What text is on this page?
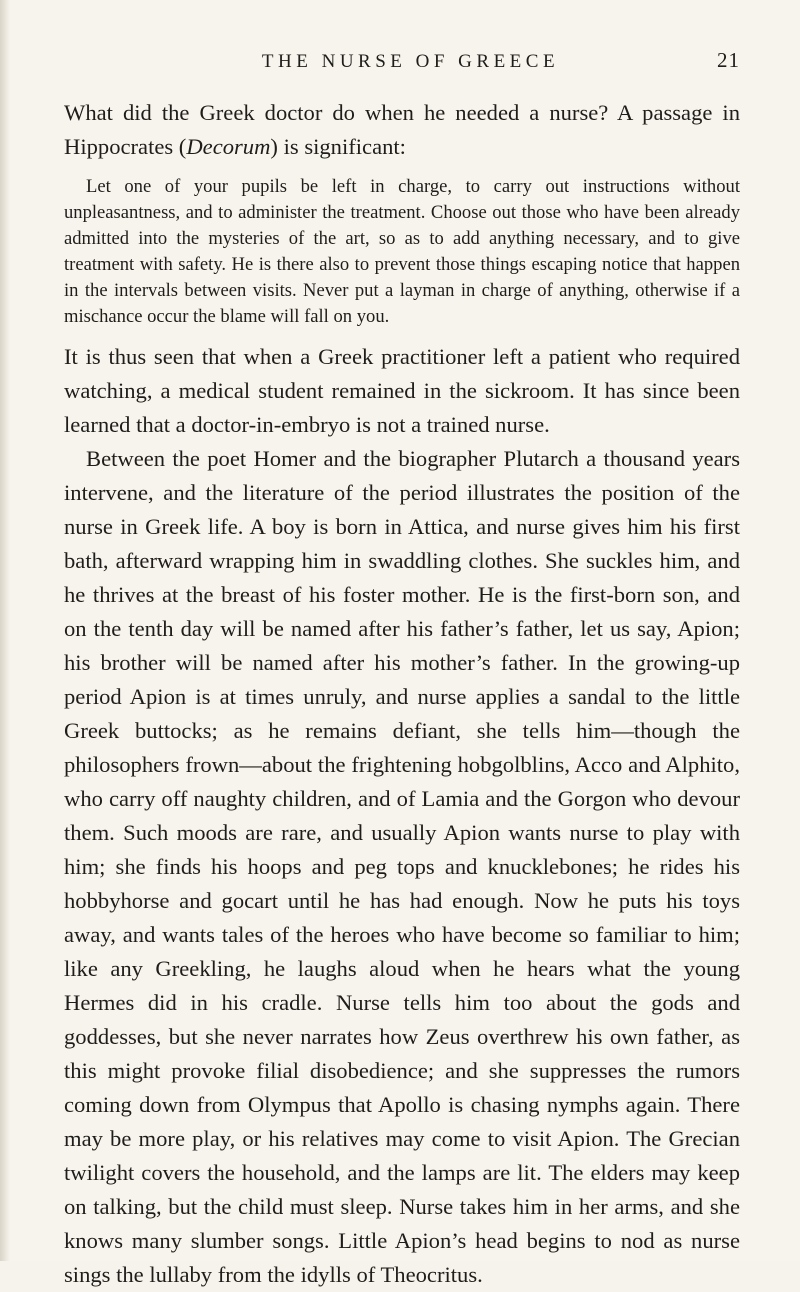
THE NURSE OF GREECE	21

What did the Greek doctor do when he needed a nurse? A passage in Hippocrates (Decorum) is significant:

Let one of your pupils be left in charge, to carry out instructions without unpleasantness, and to administer the treatment. Choose out those who have been already admitted into the mysteries of the art, so as to add anything necessary, and to give treatment with safety. He is there also to prevent those things escaping notice that happen in the intervals between visits. Never put a layman in charge of anything, otherwise if a mischance occur the blame will fall on you.

It is thus seen that when a Greek practitioner left a patient who required watching, a medical student remained in the sickroom. It has since been learned that a doctor-in-embryo is not a trained nurse.

Between the poet Homer and the biographer Plutarch a thousand years intervene, and the literature of the period illustrates the position of the nurse in Greek life. A boy is born in Attica, and nurse gives him his first bath, afterward wrapping him in swaddling clothes. She suckles him, and he thrives at the breast of his foster mother. He is the first-born son, and on the tenth day will be named after his father’s father, let us say, Apion; his brother will be named after his mother’s father. In the growing-up period Apion is at times unruly, and nurse applies a sandal to the little Greek buttocks; as he remains defiant, she tells him—though the philosophers frown—about the frightening hobgolblins, Acco and Alphito, who carry off naughty children, and of Lamia and the Gorgon who devour them. Such moods are rare, and usually Apion wants nurse to play with him; she finds his hoops and peg tops and knucklebones; he rides his hobbyhorse and gocart until he has had enough. Now he puts his toys away, and wants tales of the heroes who have become so familiar to him; like any Greekling, he laughs aloud when he hears what the young Hermes did in his cradle. Nurse tells him too about the gods and goddesses, but she never narrates how Zeus overthrew his own father, as this might provoke filial disobedience; and she suppresses the rumors coming down from Olympus that Apollo is chasing nymphs again. There may be more play, or his relatives may come to visit Apion. The Grecian twilight covers the household, and the lamps are lit. The elders may keep on talking, but the child must sleep. Nurse takes him in her arms, and she knows many slumber songs. Little Apion’s head begins to nod as nurse sings the lullaby from the idylls of Theocritus.
